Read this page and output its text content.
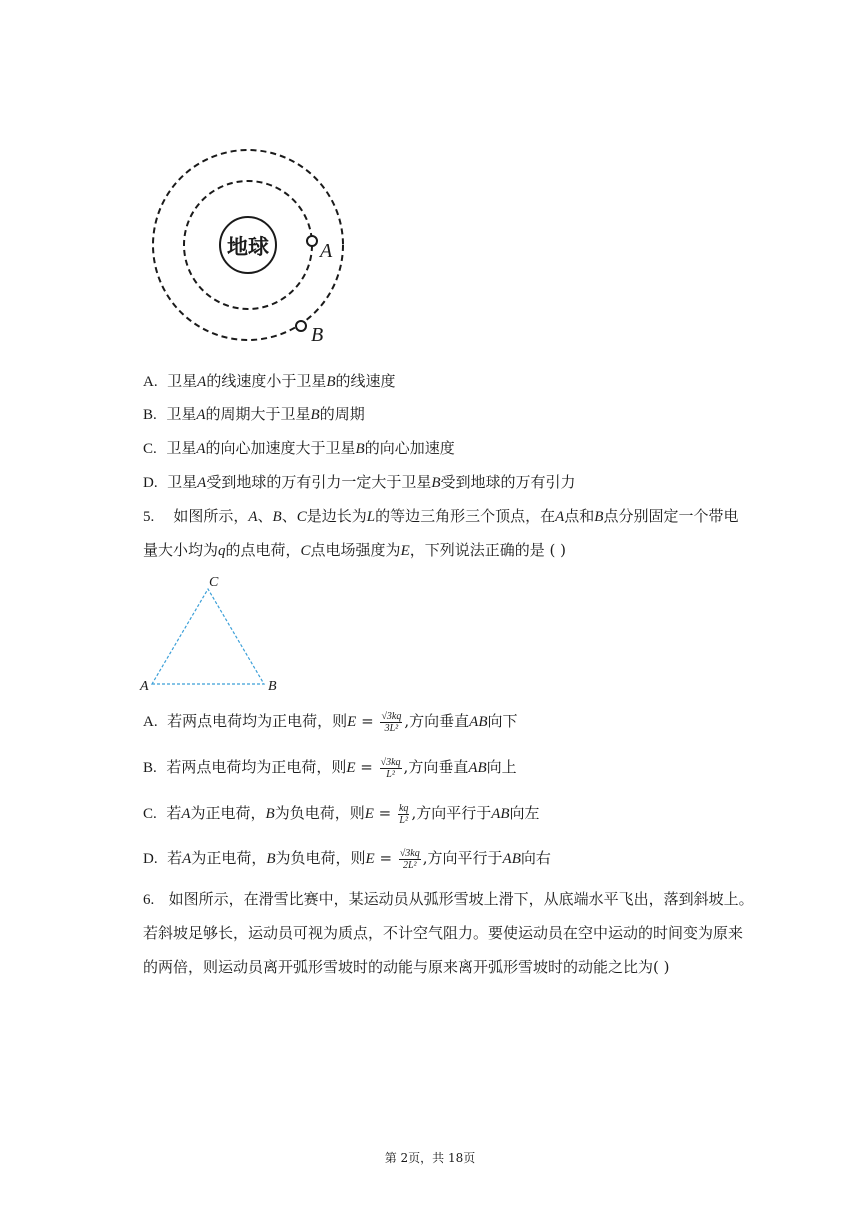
地球	A
B
A. 卫星A的线速度小于卫星B的线速度
B. 卫星A的周期大于卫星B的周期
C. 卫星A的向心加速度大于卫星B的向心加速度
D. 卫星A受到地球的万有引力一定大于卫星B受到地球的万有引力
5. 如图所示，A、B、C是边长为L的等边三角形三个顶点，在A点和B点分别固定一个带电
量大小均为q的点电荷，C点电场强度为E，下列说法正确的是 ( )
C
A	B
A. 若两点电荷均为正电荷，则$E = \frac{√3kq}{\text{3L²}}$ ,方向垂直AB向下
B. 若两点电荷均为正电荷，则$E = \frac{√3kq}{\text{L²}}$ ,方向垂直AB向上
C. 若A为正电荷，B为负电荷，则$E = \frac{kq}{\text{L²}}$ ,方向平行于AB向左
D. 若A为正电荷，B为负电荷，则$E = \frac{√3kq}{\text{2L²}}$ ,方向平行于AB向右
6. 如图所示，在滑雪比赛中，某运动员从弧形雪坡上滑下，从底端水平飞出，落到斜坡上。
若斜坡足够长，运动员可视为质点，不计空气阻力。要使运动员在空中运动的时间变为原来
的两倍，则运动员离开弧形雪坡时的动能与原来离开弧形雪坡时的动能之比为( )
第 2页，共 18页
